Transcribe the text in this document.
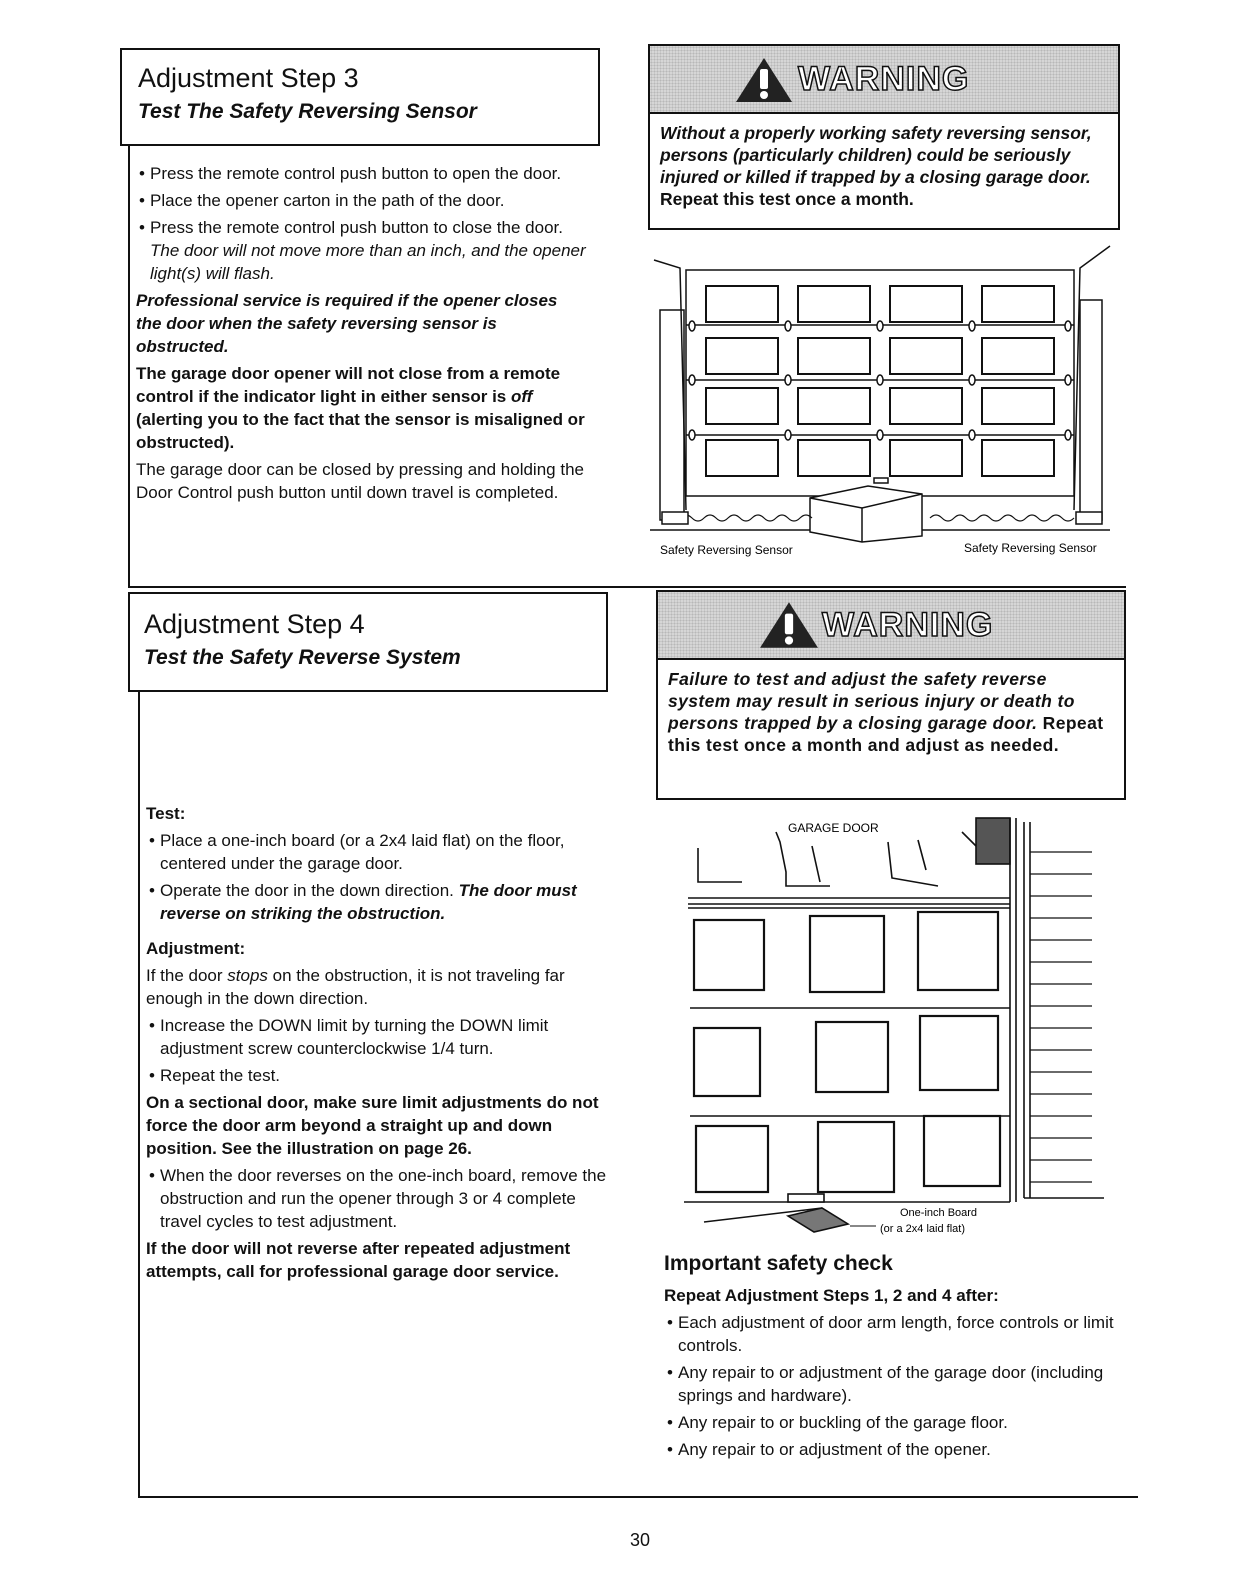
Adjustment Step 3
Test The Safety Reversing Sensor

• Press the remote control push button to open the door.

• Place the opener carton in the path of the door.

• Press the remote control push button to close the door. The door will not move more than an inch, and the opener light(s) will flash.

Professional service is required if the opener closes the door when the safety reversing sensor is obstructed.

The garage door opener will not close from a remote control if the indicator light in either sensor is off (alerting you to the fact that the sensor is misaligned or obstructed).

The garage door can be closed by pressing and holding the Door Control push button until down travel is completed.

WARNING
Without a properly working safety reversing sensor, persons (particularly children) could be seriously injured or killed if trapped by a closing garage door. Repeat this test once a month.
Safety Reversing Sensor	Safety Reversing Sensor
Adjustment Step 4
Test the Safety Reverse System

Test:

• Place a one-inch board (or a 2x4 laid flat) on the floor, centered under the garage door.

• Operate the door in the down direction. The door must reverse on striking the obstruction.

Adjustment:

If the door stops on the obstruction, it is not traveling far enough in the down direction.

• Increase the DOWN limit by turning the DOWN limit adjustment screw counterclockwise 1/4 turn.

• Repeat the test.

On a sectional door, make sure limit adjustments do not force the door arm beyond a straight up and down position. See the illustration on page 26.

• When the door reverses on the one-inch board, remove the obstruction and run the opener through 3 or 4 complete travel cycles to test adjustment.

If the door will not reverse after repeated adjustment attempts, call for professional garage door service.

WARNING
Failure to test and adjust the safety reverse system may result in serious injury or death to persons trapped by a closing garage door. Repeat this test once a month and adjust as needed.
GARAGE DOOR
One-inch Board
(or a 2x4 laid flat)
Important safety check
Repeat Adjustment Steps 1, 2 and 4 after:

• Each adjustment of door arm length, force controls or limit controls.

• Any repair to or adjustment of the garage door (including springs and hardware).

• Any repair to or buckling of the garage floor.

• Any repair to or adjustment of the opener.

30
